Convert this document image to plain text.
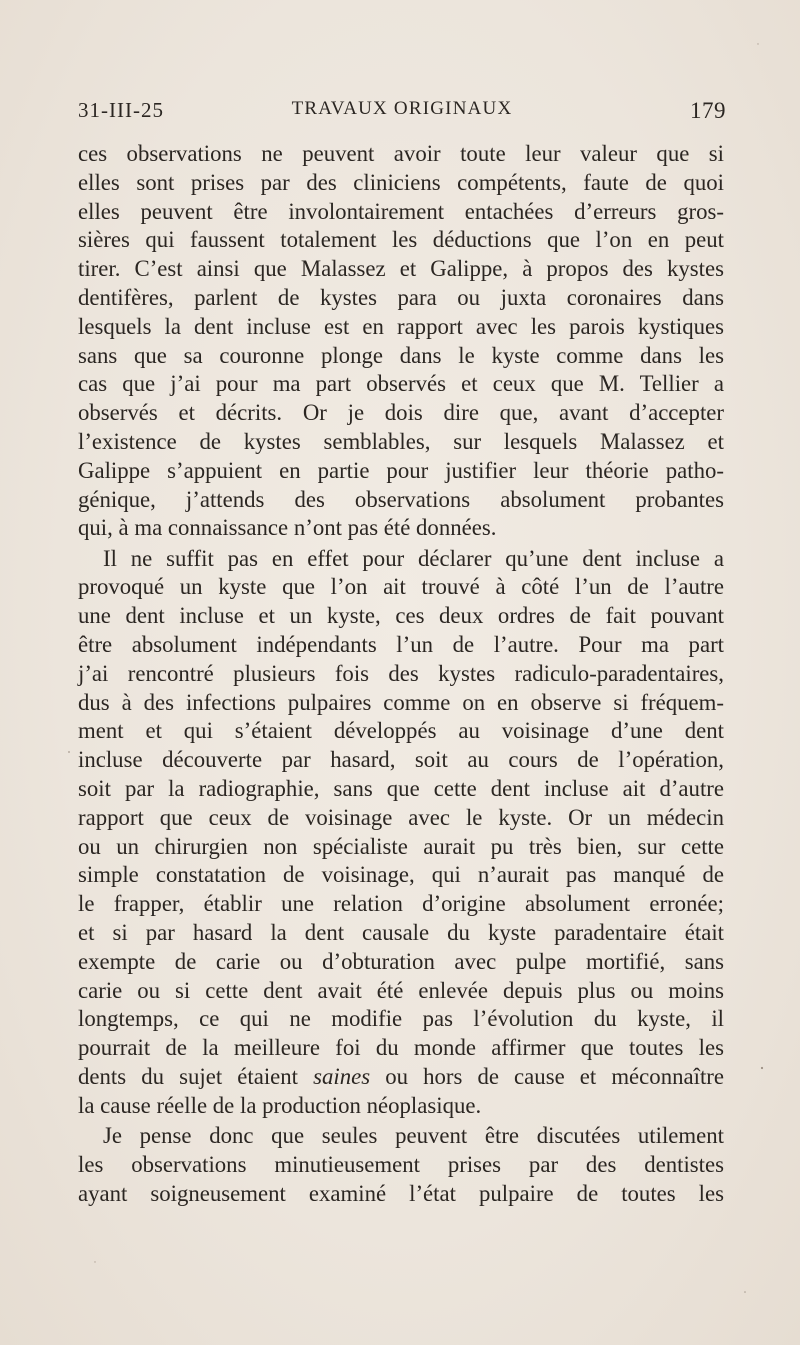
31-III-25	TRAVAUX ORIGINAUX	179
ces observations ne peuvent avoir toute leur valeur que si
elles sont prises par des cliniciens compétents, faute de quoi
elles peuvent être involontairement entachées d’erreurs gros-
sières qui faussent totalement les déductions que l’on en peut
tirer. C’est ainsi que Malassez et Galippe, à propos des kystes
dentifères, parlent de kystes para ou juxta coronaires dans
lesquels la dent incluse est en rapport avec les parois kystiques
sans que sa couronne plonge dans le kyste comme dans les
cas que j’ai pour ma part observés et ceux que M. Tellier a
observés et décrits. Or je dois dire que, avant d’accepter
l’existence de kystes semblables, sur lesquels Malassez et
Galippe s’appuient en partie pour justifier leur théorie patho-
génique, j’attends des observations absolument probantes
qui, à ma connaissance n’ont pas été données.
Il ne suffit pas en effet pour déclarer qu’une dent incluse a
provoqué un kyste que l’on ait trouvé à côté l’un de l’autre
une dent incluse et un kyste, ces deux ordres de fait pouvant
être absolument indépendants l’un de l’autre. Pour ma part
j’ai rencontré plusieurs fois des kystes radiculo-paradentaires,
dus à des infections pulpaires comme on en observe si fréquem-
ment et qui s’étaient développés au voisinage d’une dent
incluse découverte par hasard, soit au cours de l’opération,
soit par la radiographie, sans que cette dent incluse ait d’autre
rapport que ceux de voisinage avec le kyste. Or un médecin
ou un chirurgien non spécialiste aurait pu très bien, sur cette
simple constatation de voisinage, qui n’aurait pas manqué de
le frapper, établir une relation d’origine absolument erronée;
et si par hasard la dent causale du kyste paradentaire était
exempte de carie ou d’obturation avec pulpe mortifié, sans
carie ou si cette dent avait été enlevée depuis plus ou moins
longtemps, ce qui ne modifie pas l’évolution du kyste, il
pourrait de la meilleure foi du monde affirmer que toutes les
dents du sujet étaient saines ou hors de cause et méconnaître
la cause réelle de la production néoplasique.
Je pense donc que seules peuvent être discutées utilement
les observations minutieusement prises par des dentistes
ayant soigneusement examiné l’état pulpaire de toutes les
